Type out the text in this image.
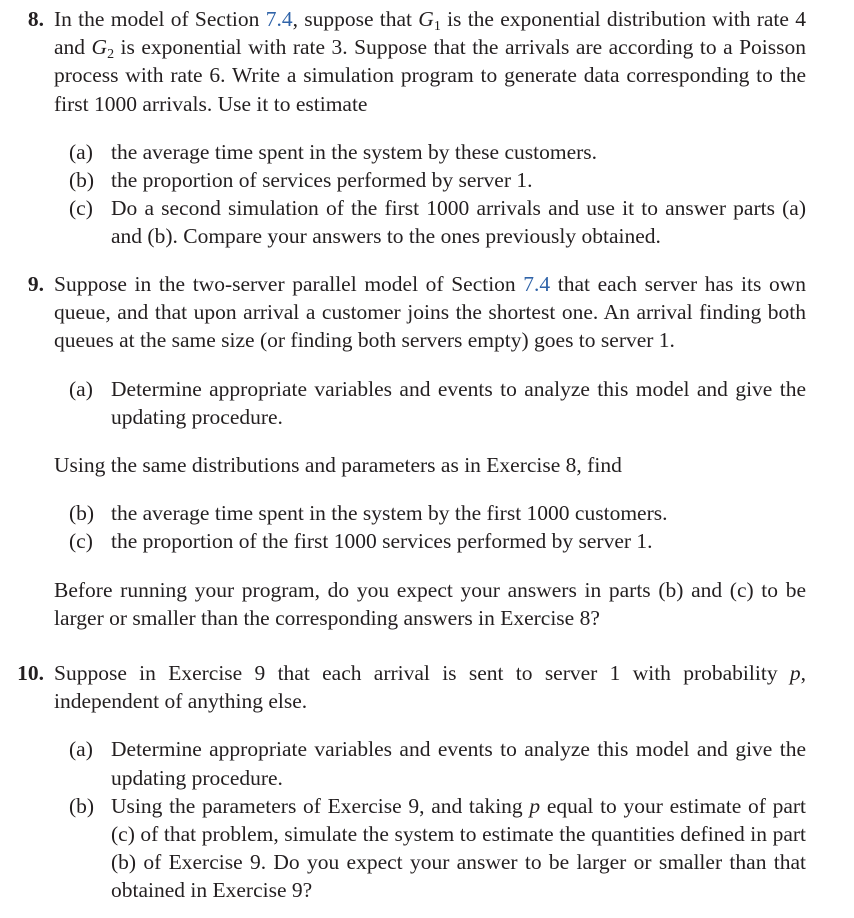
8. In the model of Section 7.4, suppose that $G_1$ is the exponential distribution with rate 4 and $G_2$ is exponential with rate 3. Suppose that the arrivals are according to a Poisson process with rate 6. Write a simulation program to generate data corresponding to the first 1000 arrivals. Use it to estimate
(a) the average time spent in the system by these customers.
(b) the proportion of services performed by server 1.
(c) Do a second simulation of the first 1000 arrivals and use it to answer parts (a) and (b). Compare your answers to the ones previously obtained.
9. Suppose in the two-server parallel model of Section 7.4 that each server has its own queue, and that upon arrival a customer joins the shortest one. An arrival finding both queues at the same size (or finding both servers empty) goes to server 1.
(a) Determine appropriate variables and events to analyze this model and give the updating procedure.
Using the same distributions and parameters as in Exercise 8, find
(b) the average time spent in the system by the first 1000 customers.
(c) the proportion of the first 1000 services performed by server 1.
Before running your program, do you expect your answers in parts (b) and (c) to be larger or smaller than the corresponding answers in Exercise 8?
10. Suppose in Exercise 9 that each arrival is sent to server 1 with probability p, independent of anything else.
(a) Determine appropriate variables and events to analyze this model and give the updating procedure.
(b) Using the parameters of Exercise 9, and taking p equal to your estimate of part (c) of that problem, simulate the system to estimate the quantities defined in part (b) of Exercise 9. Do you expect your answer to be larger or smaller than that obtained in Exercise 9?
